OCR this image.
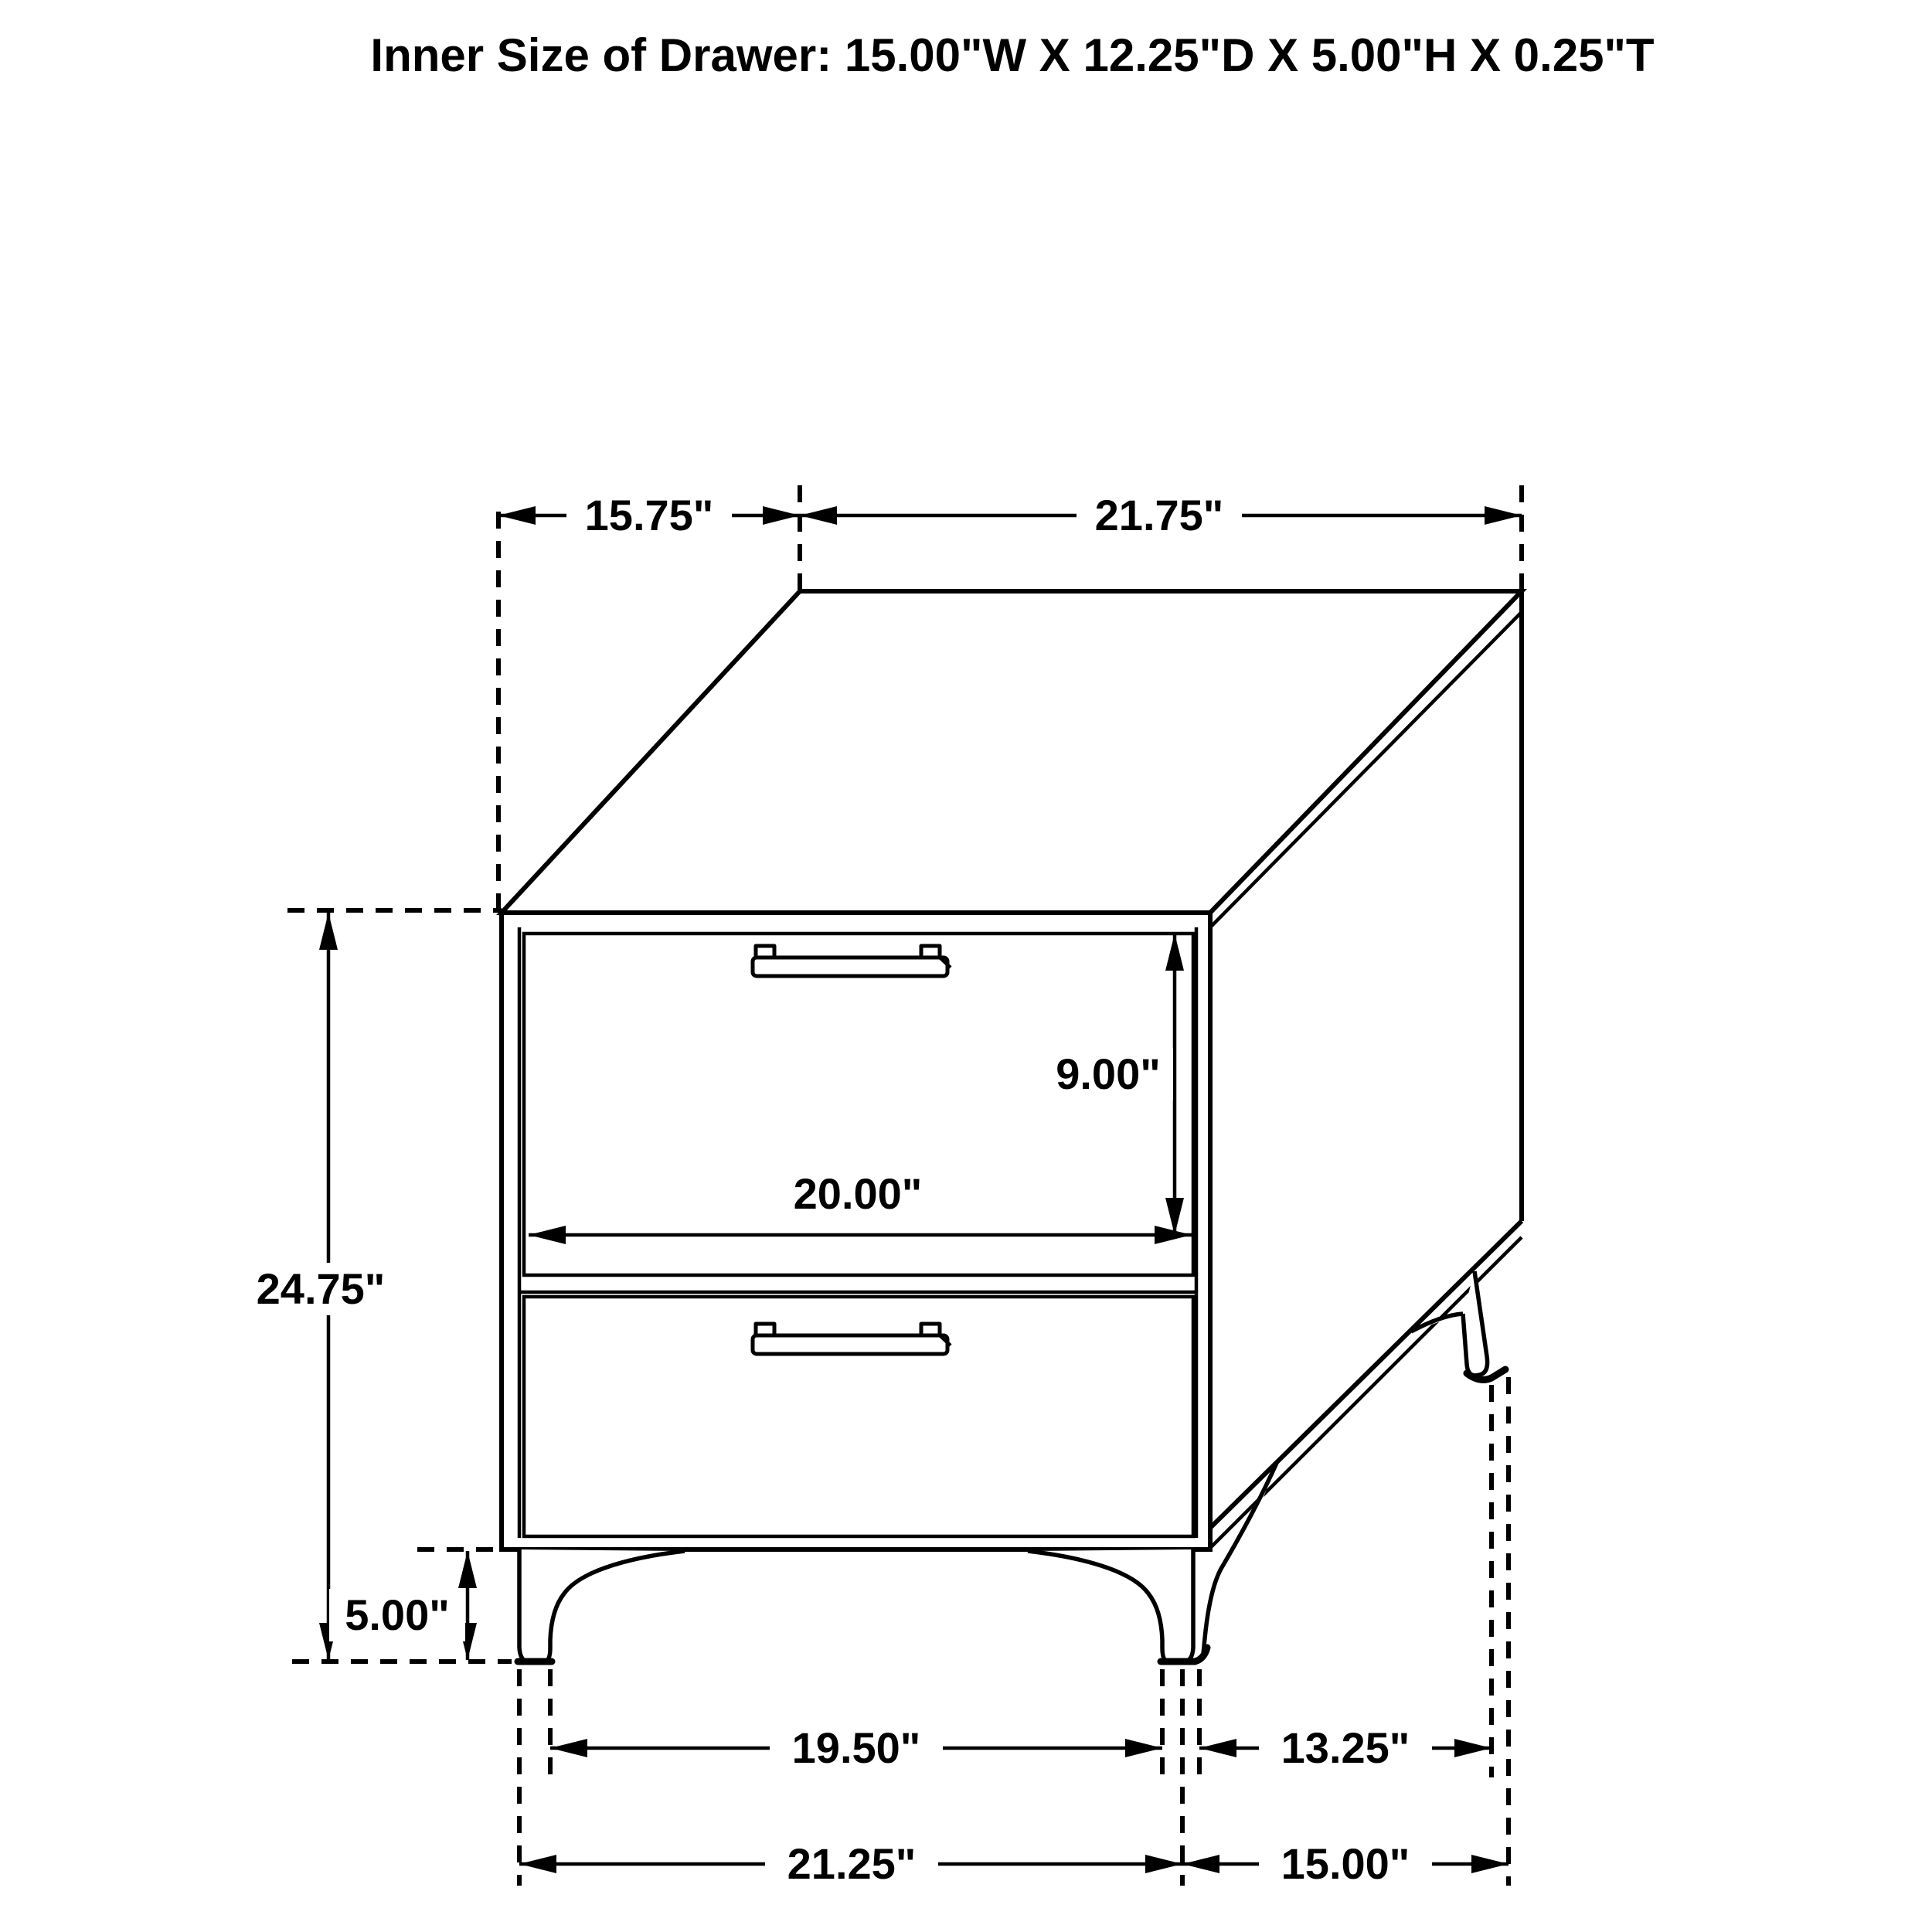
Inner Size of Drawer: 15.00"W X 12.25"D X 5.00"H X 0.25"T
15.75"	21.75"
24.75"
9.00"
20.00"
5.00"
19.50"	13.25"
21.25"	15.00"
